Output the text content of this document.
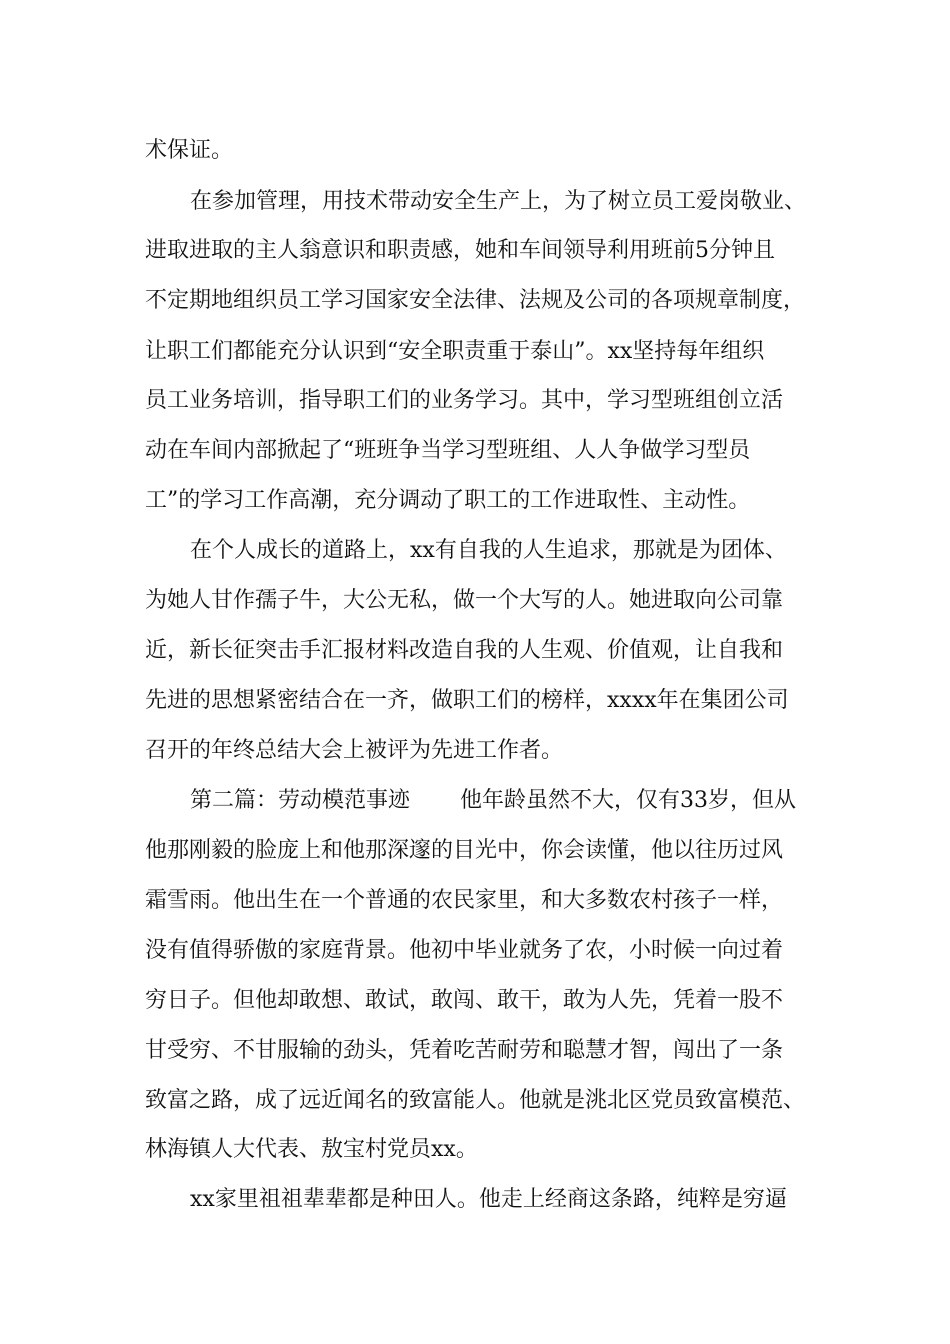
术保证。
在参加管理，用技术带动安全生产上，为了树立员工爱岗敬业、
进取进取的主人翁意识和职责感，她和车间领导利用班前5分钟且
不定期地组织员工学习国家安全法律、法规及公司的各项规章制度，
让职工们都能充分认识到“安全职责重于泰山”。xx坚持每年组织
员工业务培训，指导职工们的业务学习。其中，学习型班组创立活
动在车间内部掀起了“班班争当学习型班组、人人争做学习型员
工”的学习工作高潮，充分调动了职工的工作进取性、主动性。
在个人成长的道路上，xx有自我的人生追求，那就是为团体、
为她人甘作孺子牛，大公无私，做一个大写的人。她进取向公司靠
近，新长征突击手汇报材料改造自我的人生观、价值观，让自我和
先进的思想紧密结合在一齐，做职工们的榜样，xxxx年在集团公司
召开的年终总结大会上被评为先进工作者。
第二篇：劳动模范事迹 他年龄虽然不大，仅有33岁，但从
他那刚毅的脸庞上和他那深邃的目光中，你会读懂，他以往历过风
霜雪雨。他出生在一个普通的农民家里，和大多数农村孩子一样，
没有值得骄傲的家庭背景。他初中毕业就务了农，小时候一向过着
穷日子。但他却敢想、敢试，敢闯、敢干，敢为人先，凭着一股不
甘受穷、不甘服输的劲头，凭着吃苦耐劳和聪慧才智，闯出了一条
致富之路，成了远近闻名的致富能人。他就是洮北区党员致富模范、
林海镇人大代表、敖宝村党员xx。
xx家里祖祖辈辈都是种田人。他走上经商这条路，纯粹是穷逼
